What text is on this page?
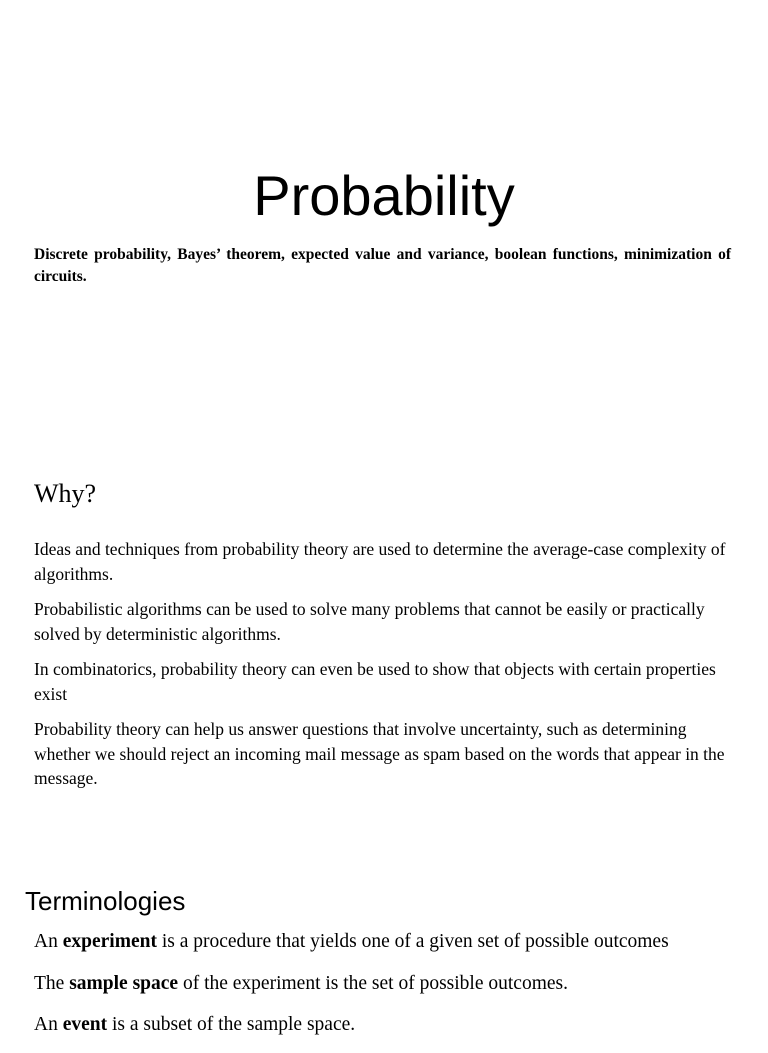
Probability

Discrete probability, Bayes’ theorem, expected value and variance, boolean functions, minimization of circuits.

Why?
Ideas and techniques from probability theory are used to determine the average-case complexity of algorithms.
Probabilistic algorithms can be used to solve many problems that cannot be easily or practically solved by deterministic algorithms.
In combinatorics, probability theory can even be used to show that objects with certain properties exist
Probability theory can help us answer questions that involve uncertainty, such as determining whether we should reject an incoming mail message as spam based on the words that appear in the message.
Terminologies
An experiment is a procedure that yields one of a given set of possible outcomes
The sample space of the experiment is the set of possible outcomes.
An event is a subset of the sample space.
